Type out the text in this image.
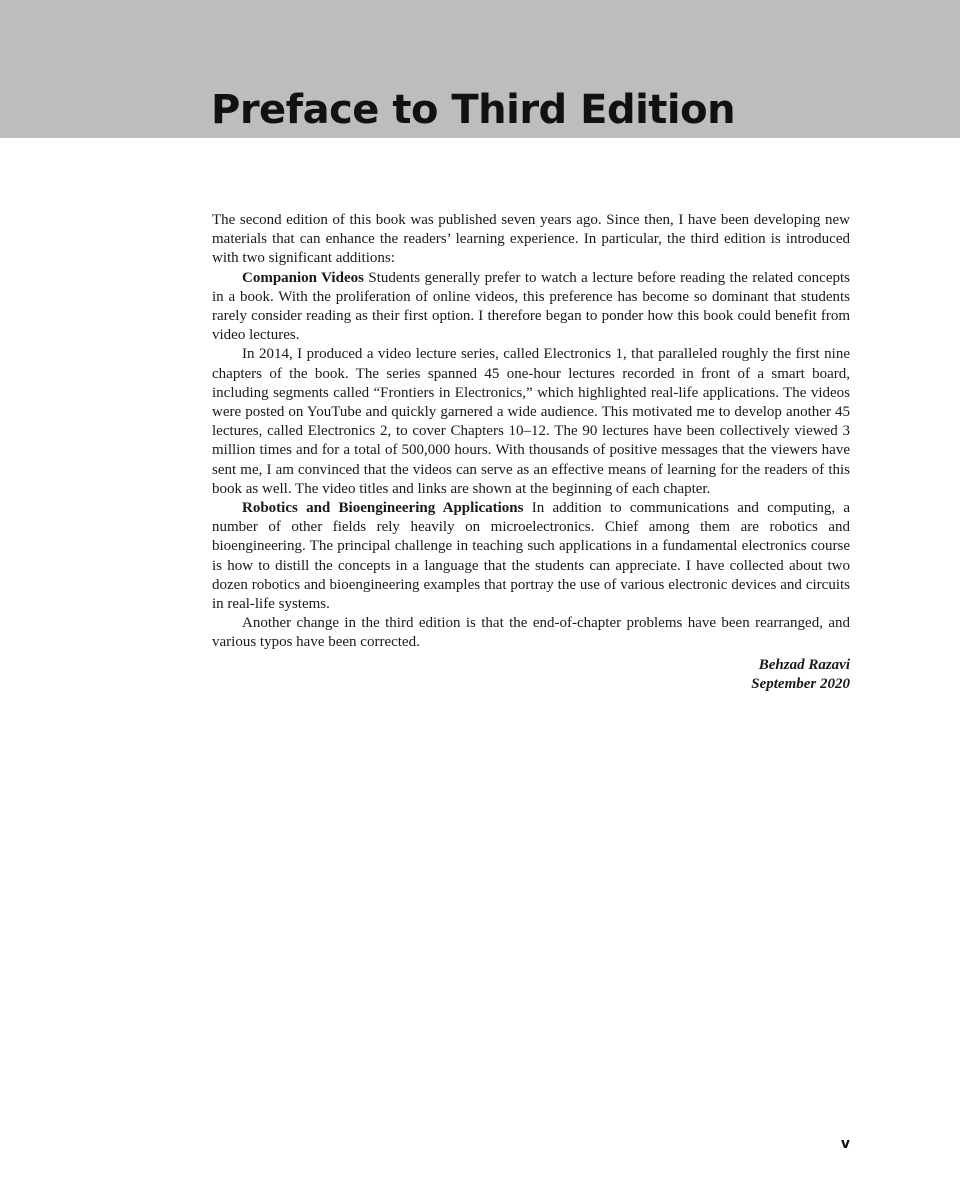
Preface to Third Edition

The second edition of this book was published seven years ago. Since then, I have been developing new materials that can enhance the readers’ learning experience. In particular, the third edition is introduced with two significant additions:

Companion Videos Students generally prefer to watch a lecture before reading the related concepts in a book. With the proliferation of online videos, this preference has become so dominant that students rarely consider reading as their first option. I therefore began to ponder how this book could benefit from video lectures.

In 2014, I produced a video lecture series, called Electronics 1, that paralleled roughly the first nine chapters of the book. The series spanned 45 one-hour lectures recorded in front of a smart board, including segments called “Frontiers in Electronics,” which highlighted real-life applications. The videos were posted on YouTube and quickly garnered a wide audience. This motivated me to develop another 45 lectures, called Electronics 2, to cover Chapters 10–12. The 90 lectures have been collectively viewed 3 million times and for a total of 500,000 hours. With thousands of positive messages that the viewers have sent me, I am convinced that the videos can serve as an effective means of learning for the readers of this book as well. The video titles and links are shown at the beginning of each chapter.

Robotics and Bioengineering Applications In addition to communications and computing, a number of other fields rely heavily on microelectronics. Chief among them are robotics and bioengineering. The principal challenge in teaching such applications in a fundamental electronics course is how to distill the concepts in a language that the students can appreciate. I have collected about two dozen robotics and bioengineering examples that portray the use of various electronic devices and circuits in real-life systems.

Another change in the third edition is that the end-of-chapter problems have been rearranged, and various typos have been corrected.

Behzad Razavi
September 2020
v
